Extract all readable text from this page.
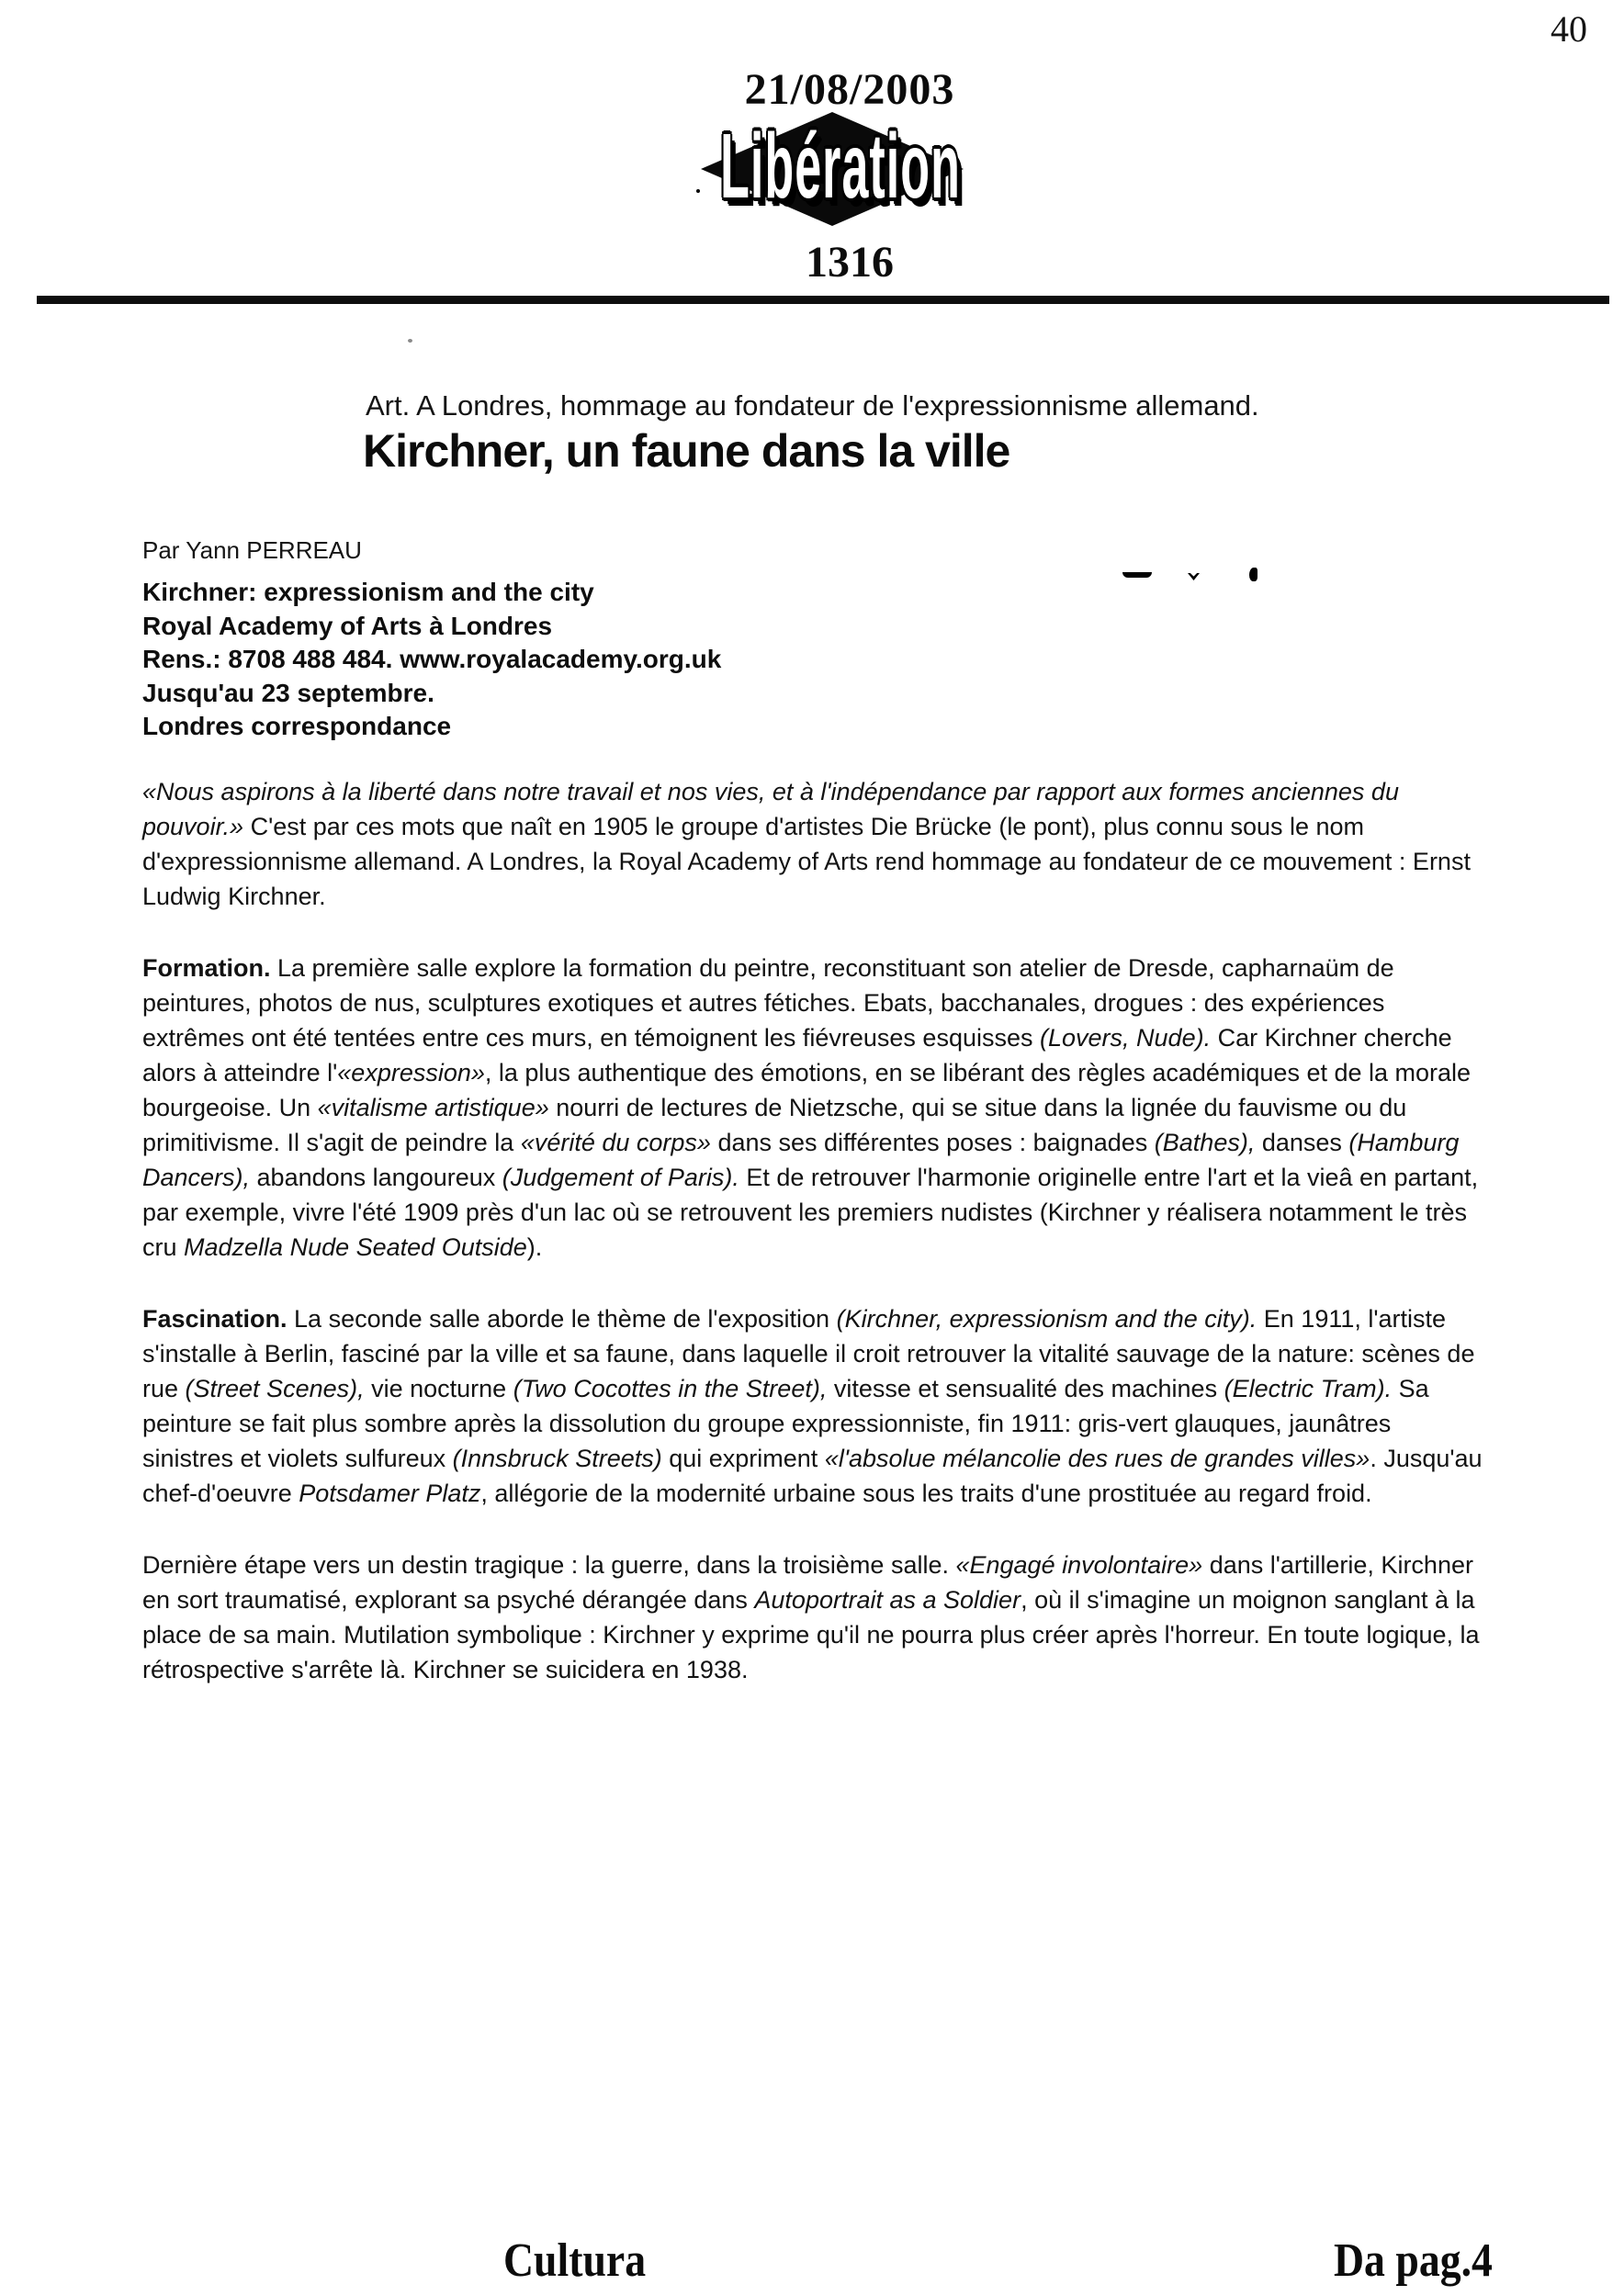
40
21/08/2003
Libération
1316
Art. A Londres, hommage au fondateur de l'expressionnisme allemand.
Kirchner, un faune dans la ville
Par Yann PERREAU
Kirchner: expressionism and the city
Royal Academy of Arts à Londres
Rens.: 8708 488 484. www.royalacademy.org.uk
Jusqu'au 23 septembre.
Londres correspondance

«Nous aspirons à la liberté dans notre travail et nos vies, et à l'indépendance par rapport aux formes anciennes du pouvoir.» C'est par ces mots que naît en 1905 le groupe d'artistes Die Brücke (le pont), plus connu sous le nom d'expressionnisme allemand. A Londres, la Royal Academy of Arts rend hommage au fondateur de ce mouvement : Ernst Ludwig Kirchner.

Formation. La première salle explore la formation du peintre, reconstituant son atelier de Dresde, capharnaüm de peintures, photos de nus, sculptures exotiques et autres fétiches. Ebats, bacchanales, drogues : des expériences extrêmes ont été tentées entre ces murs, en témoignent les fiévreuses esquisses (Lovers, Nude). Car Kirchner cherche alors à atteindre l'«expression», la plus authentique des émotions, en se libérant des règles académiques et de la morale bourgeoise. Un «vitalisme artistique» nourri de lectures de Nietzsche, qui se situe dans la lignée du fauvisme ou du primitivisme. Il s'agit de peindre la «vérité du corps» dans ses différentes poses : baignades (Bathes), danses (Hamburg Dancers), abandons langoureux (Judgement of Paris). Et de retrouver l'harmonie originelle entre l'art et la vieâ en partant, par exemple, vivre l'été 1909 près d'un lac où se retrouvent les premiers nudistes (Kirchner y réalisera notamment le très cru Madzella Nude Seated Outside).

Fascination. La seconde salle aborde le thème de l'exposition (Kirchner, expressionism and the city). En 1911, l'artiste s'installe à Berlin, fasciné par la ville et sa faune, dans laquelle il croit retrouver la vitalité sauvage de la nature: scènes de rue (Street Scenes), vie nocturne (Two Cocottes in the Street), vitesse et sensualité des machines (Electric Tram). Sa peinture se fait plus sombre après la dissolution du groupe expressionniste, fin 1911: gris-vert glauques, jaunâtres sinistres et violets sulfureux (Innsbruck Streets) qui expriment «l'absolue mélancolie des rues de grandes villes». Jusqu'au chef-d'oeuvre Potsdamer Platz, allégorie de la modernité urbaine sous les traits d'une prostituée au regard froid.

Dernière étape vers un destin tragique : la guerre, dans la troisième salle. «Engagé involontaire» dans l'artillerie, Kirchner en sort traumatisé, explorant sa psyché dérangée dans Autoportrait as a Soldier, où il s'imagine un moignon sanglant à la place de sa main. Mutilation symbolique : Kirchner y exprime qu'il ne pourra plus créer après l'horreur. En toute logique, la rétrospective s'arrête là. Kirchner se suicidera en 1938.

Cultura	Da pag.4
